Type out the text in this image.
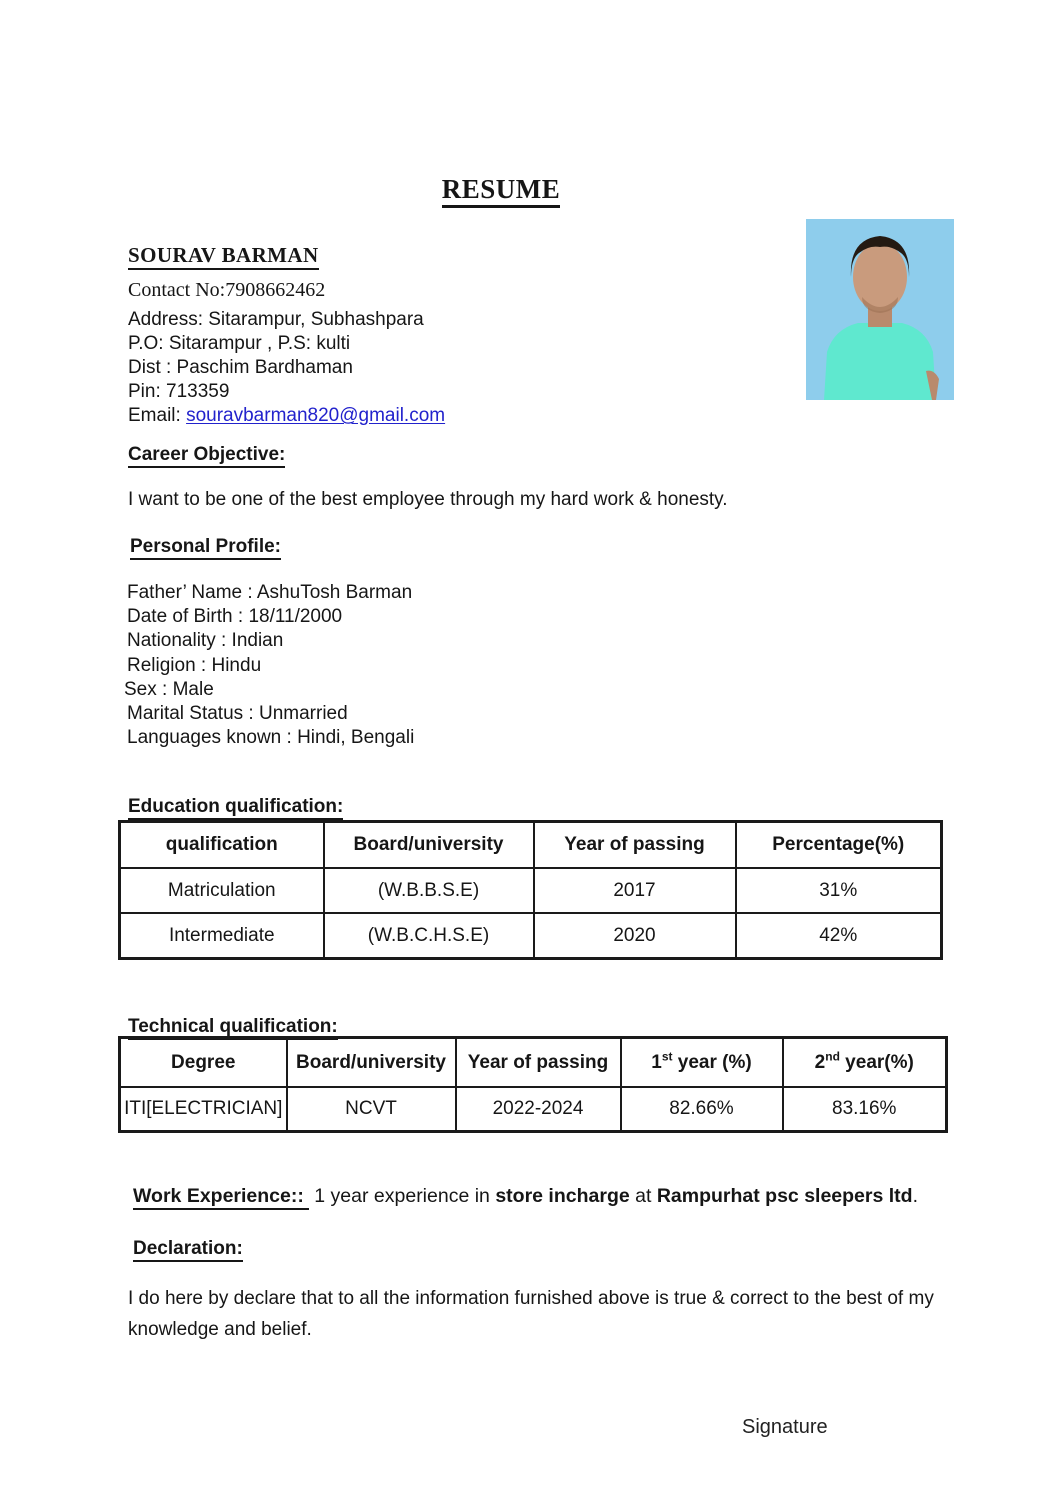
RESUME
SOURAV BARMAN
Contact No:7908662462
Address: Sitarampur, Subhashpara
P.O: Sitarampur , P.S: kulti
Dist : Paschim Bardhaman
Pin: 713359
Email: souravbarman820@gmail.com
Career Objective:
I want to be one of the best employee through my hard work & honesty.
Personal Profile:
Father’ Name : AshuTosh Barman
Date of Birth : 18/11/2000
Nationality : Indian
Religion : Hindu
Sex : Male
Marital Status : Unmarried
Languages known : Hindi, Bengali
Education qualification:
qualification	Board/university	Year of passing	Percentage(%)
Matriculation	(W.B.B.S.E)	2017	31%
Intermediate	(W.B.C.H.S.E)	2020	42%
Technical qualification:
Degree	Board/university	Year of passing	1st year (%)	2nd year(%)
ITI[ELECTRICIAN]	NCVT	2022-2024	82.66%	83.16%
Work Experience:: 1 year experience in store incharge at Rampurhat psc sleepers ltd.
Declaration:
I do here by declare that to all the information furnished above is true & correct to the best of my knowledge and belief.
Signature
